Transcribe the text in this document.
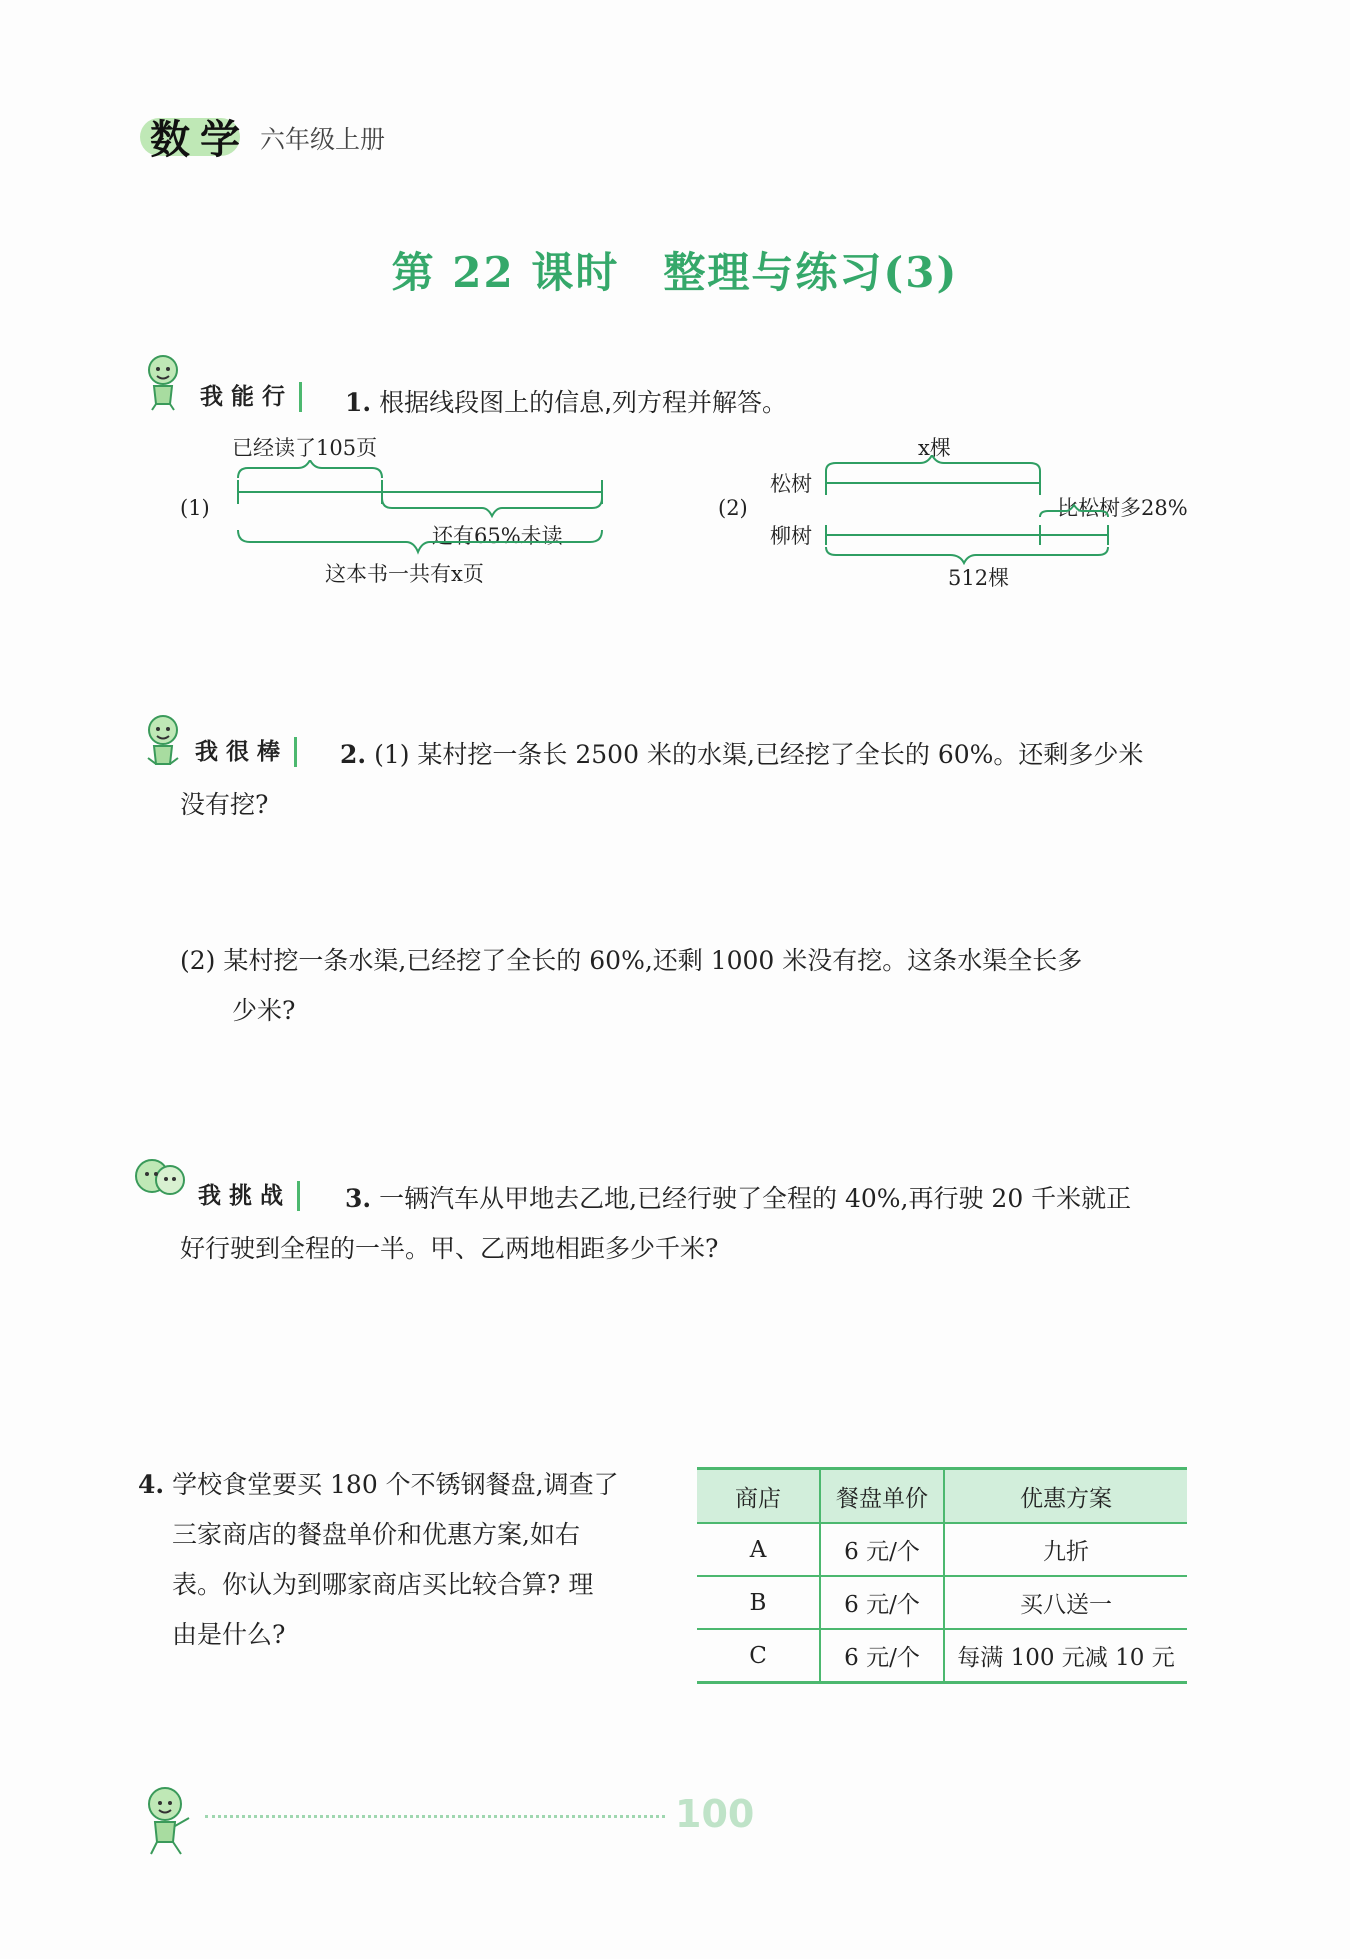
数学 六年级上册
第 22 课时　整理与练习(3)
我能行	1. 根据线段图上的信息,列方程并解答。
(1)
已经读了105页
还有65%未读
这本书一共有x页
(2)
x棵
松树
柳树
比松树多28%
512棵
我很棒	2. (1) 某村挖一条长 2500 米的水渠,已经挖了全长的 60%。还剩多少米
没有挖?
(2) 某村挖一条水渠,已经挖了全长的 60%,还剩 1000 米没有挖。这条水渠全长多
少米?
我挑战	3. 一辆汽车从甲地去乙地,已经行驶了全程的 40%,再行驶 20 千米就正
好行驶到全程的一半。甲、乙两地相距多少千米?
4. 学校食堂要买 180 个不锈钢餐盘,调查了
三家商店的餐盘单价和优惠方案,如右
表。你认为到哪家商店买比较合算? 理
由是什么?
商店	餐盘单价	优惠方案
A	6 元/个	九折
B	6 元/个	买八送一
C	6 元/个	每满 100 元减 10 元
100
